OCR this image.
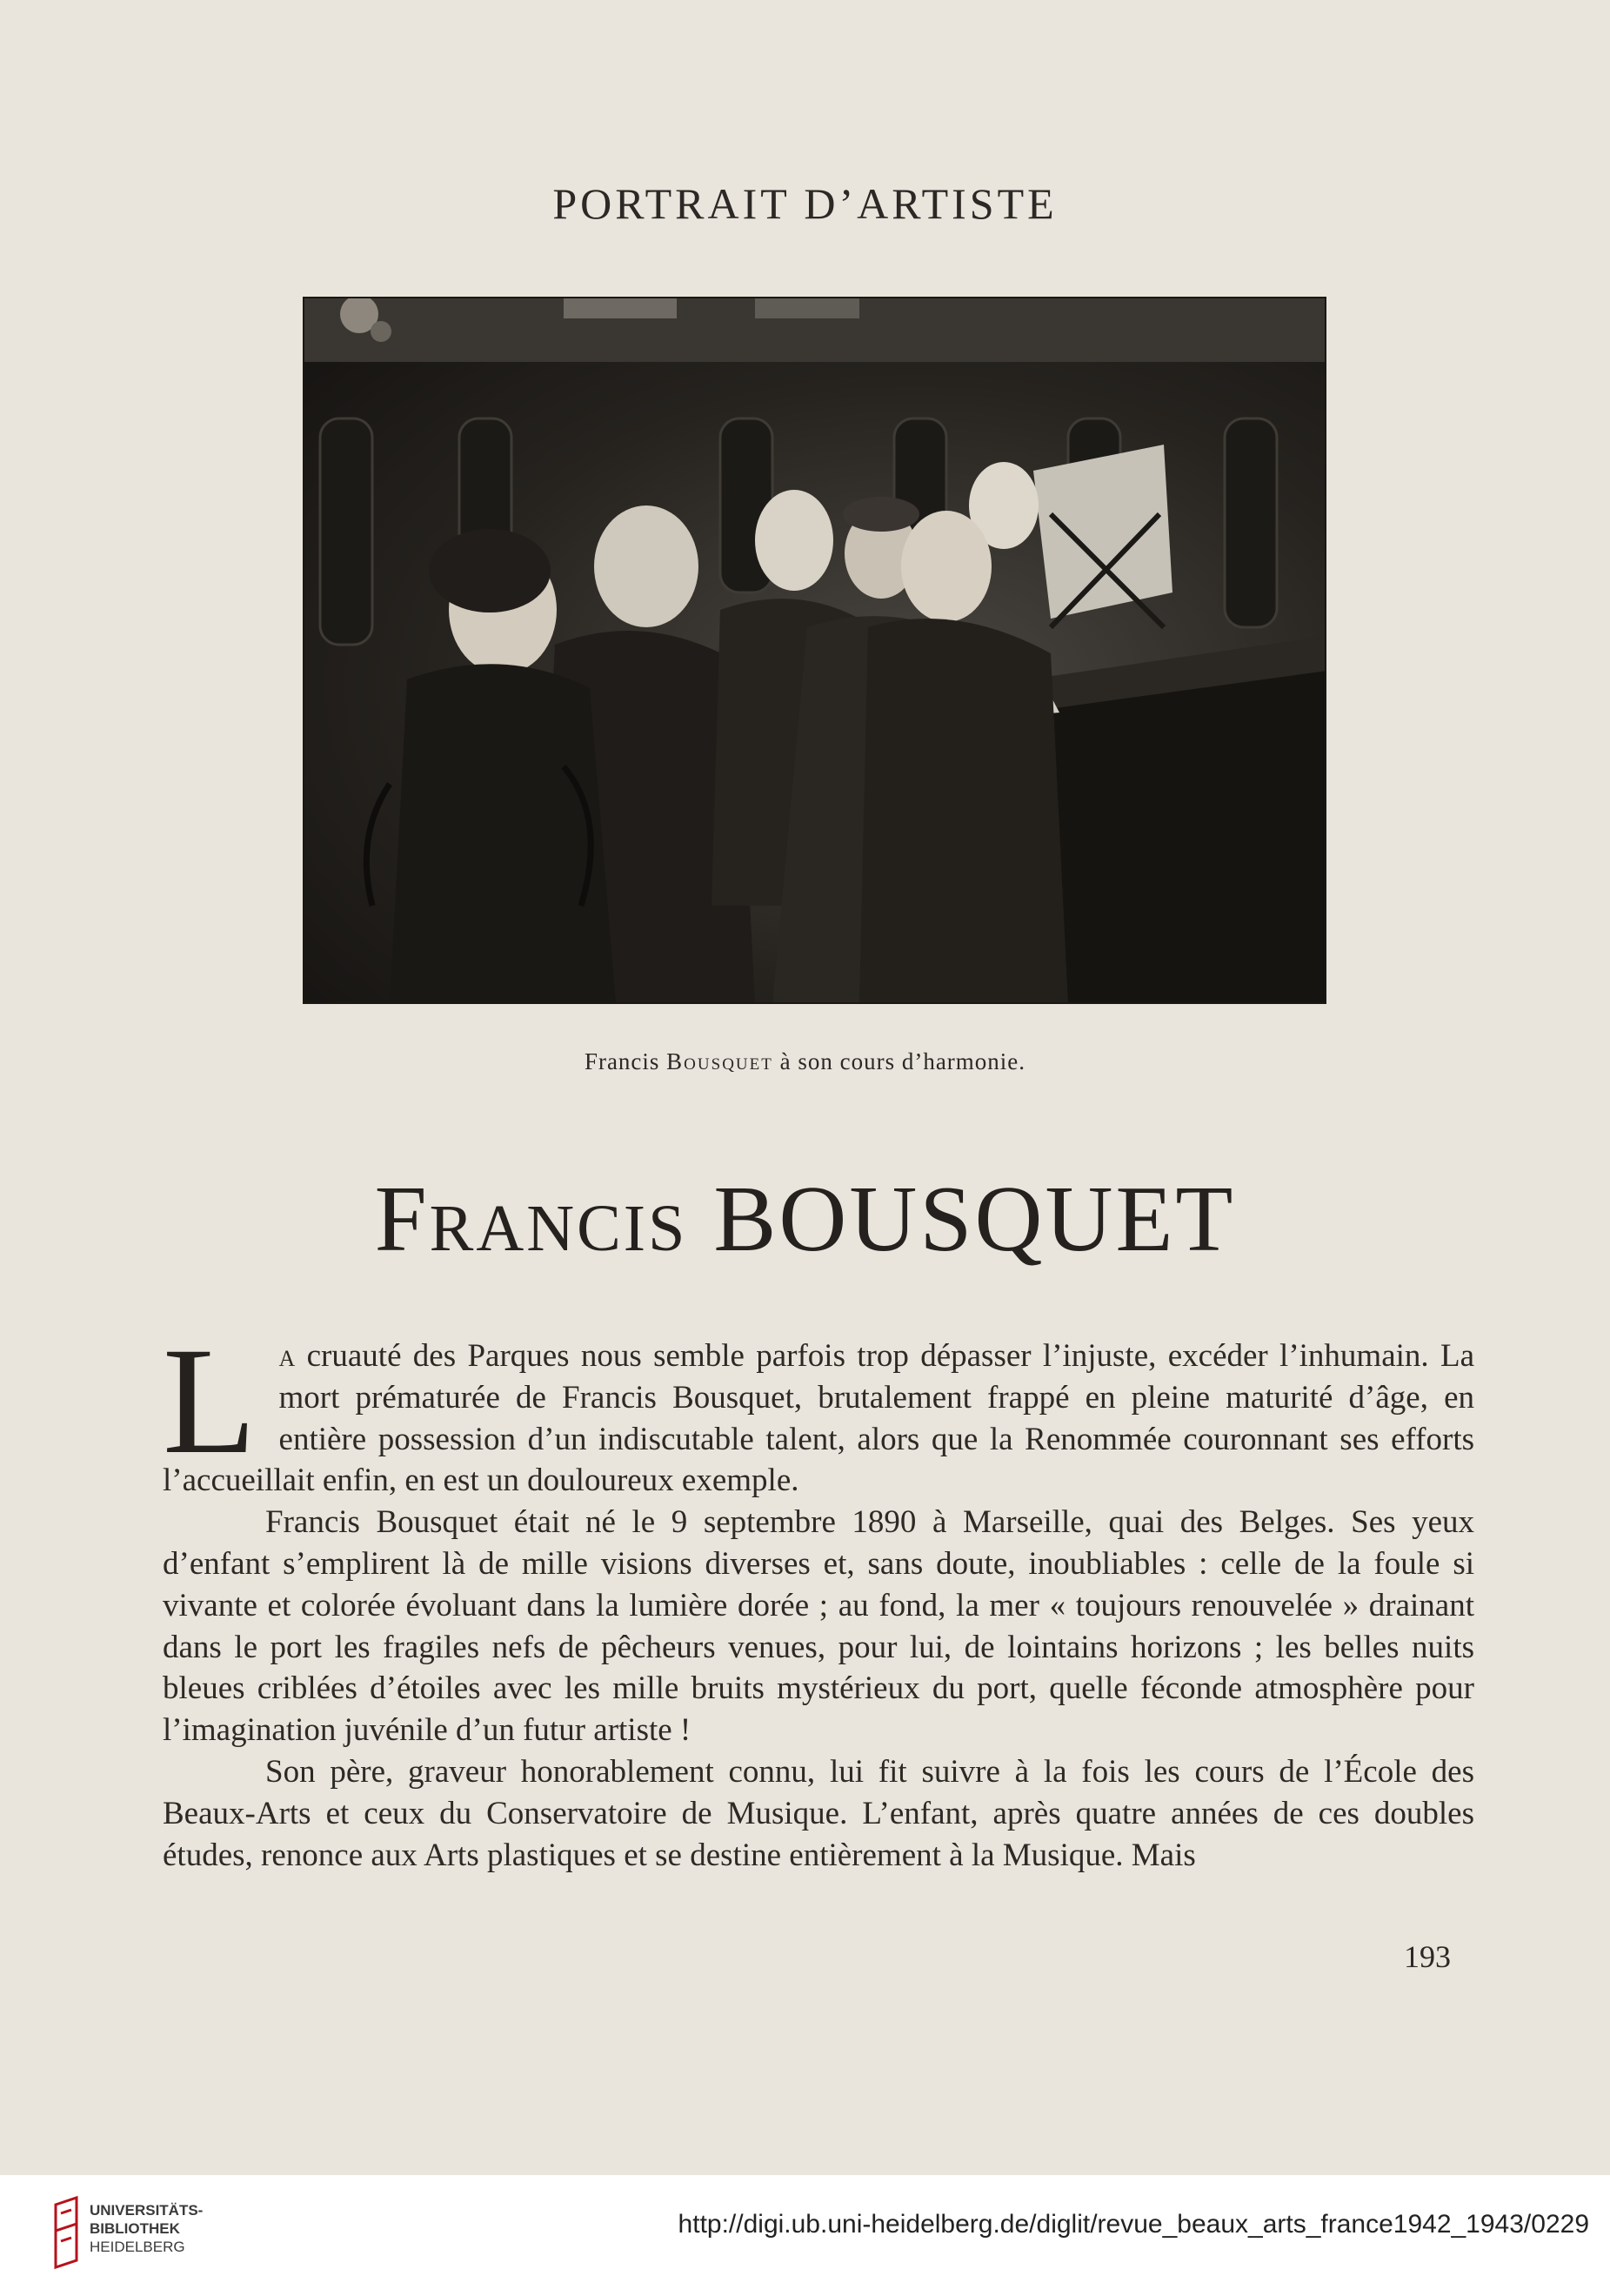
PORTRAIT D’ARTISTE
Francis Bousquet à son cours d’harmonie.
Francis BOUSQUET

La cruauté des Parques nous semble parfois trop dépasser l’injuste, excéder l’inhumain. La mort prématurée de Francis Bousquet, brutalement frappé en pleine maturité d’âge, en entière possession d’un indiscutable talent, alors que la Renommée couronnant ses efforts l’accueillait enfin, en est un douloureux exemple.

Francis Bousquet était né le 9 septembre 1890 à Marseille, quai des Belges. Ses yeux d’enfant s’emplirent là de mille visions diverses et, sans doute, inoubliables : celle de la foule si vivante et colorée évoluant dans la lumière dorée ; au fond, la mer « toujours renouvelée » drainant dans le port les fragiles nefs de pêcheurs venues, pour lui, de lointains horizons ; les belles nuits bleues criblées d’étoiles avec les mille bruits mystérieux du port, quelle féconde atmosphère pour l’imagination juvénile d’un futur artiste !

Son père, graveur honorablement connu, lui fit suivre à la fois les cours de l’École des Beaux-Arts et ceux du Conservatoire de Musique. L’enfant, après quatre années de ces doubles études, renonce aux Arts plastiques et se destine entièrement à la Musique. Mais

193
UNIVERSITÄTS-
BIBLIOTHEK
HEIDELBERG
http://digi.ub.uni-heidelberg.de/diglit/revue_beaux_arts_france1942_1943/0229
